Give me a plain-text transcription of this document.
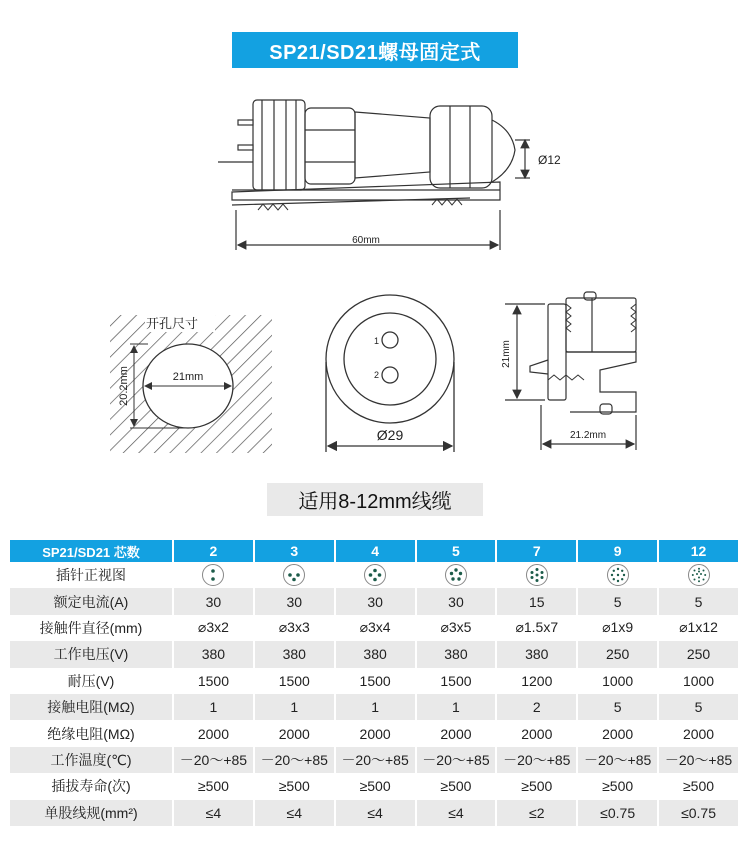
SP21/SD21螺母固定式
60mm
Ø12
开孔尺寸
21mm
20.2mm
1
2
Ø29
21mm
21.2mm
适用8-12mm线缆
SP21/SD21 芯数	2	3	4	5	7	9	12
插针正视图							
额定电流(A)	30	30	30	30	15	5	5
接触件直径(mm)	⌀3x2	⌀3x3	⌀3x4	⌀3x5	⌀1.5x7	⌀1x9	⌀1x12
工作电压(V)	380	380	380	380	380	250	250
耐压(V)	1500	1500	1500	1500	1200	1000	1000
接触电阻(MΩ)	1	1	1	1	2	5	5
绝缘电阻(MΩ)	2000	2000	2000	2000	2000	2000	2000
工作温度(℃)	－20～+85	－20～+85	－20～+85	－20～+85	－20～+85	－20～+85	－20～+85
插拔寿命(次)	≥500	≥500	≥500	≥500	≥500	≥500	≥500
单股线规(mm²)	≤4	≤4	≤4	≤4	≤2	≤0.75	≤0.75
